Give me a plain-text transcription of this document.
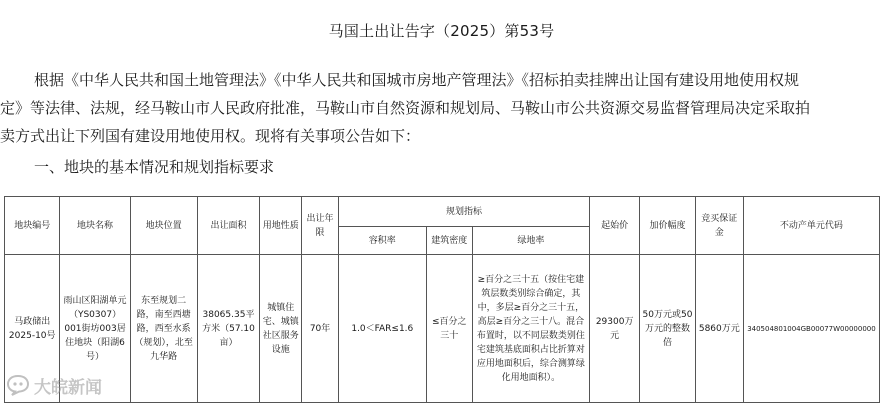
马国土出让告字（2025）第53号
根据《中华人民共和国土地管理法》《中华人民共和国城市房地产管理法》《招标拍卖挂牌出让国有建设用地使用权规
定》等法律、法规，经马鞍山市人民政府批准，马鞍山市自然资源和规划局、马鞍山市公共资源交易监督管理局决定采取拍
卖方式出让下列国有建设用地使用权。现将有关事项公告如下：
一、地块的基本情况和规划指标要求
地块编号	地块名称	地块位置	出让面积	用地性质	出让年限	规划指标			起始价	加价幅度	竞买保证金	不动产单元代码
						容积率	建筑密度	绿地率				
马政储出2025-10号	雨山区阳湖单元（YS0307）001街坊003居住地块（阳湖6号）	东至规划二路，南至西塘路，西至水系（规划），北至九华路	38065.35平方米（57.10亩）	城镇住宅、城镇社区服务设施	70年	1.0＜FAR≤1.6	≤百分之三十	≥百分之三十五（按住宅建筑层数类别综合确定，其中，多层≥百分之三十五，高层≥百分之三十八。混合布置时，以不同层数类别住宅建筑基底面积占比折算对应用地面积后，综合测算绿化用地面积）。	29300万元	50万元或50万元的整数倍	5860万元	340504801004GB00077W00000000
大皖新闻
